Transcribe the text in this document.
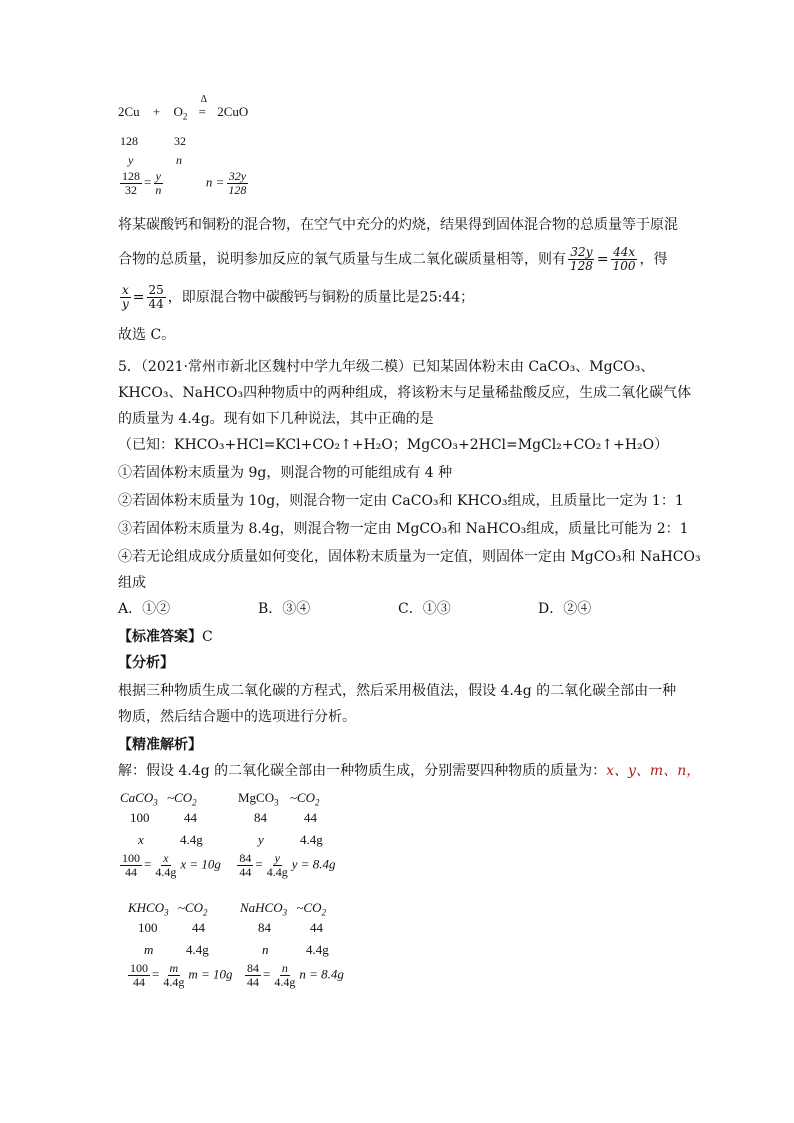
$2Cu + O_2$
Δ
= 2CuO
128	32
y	n
$\frac{128}{32} = \frac{y}{n}$	$n = \frac{32y}{128}$
将某碳酸钙和铜粉的混合物，在空气中充分的灼烧，结果得到固体混合物的总质量等于原混
合物的总质量，说明参加反应的氧气质量与生成二氧化碳质量相等，则有 $\frac{32y}{128} = \frac{44x}{100}$ ，得
$\frac{x}{y} = \frac{25}{44}$ ，即原混合物中碳酸钙与铜粉的质量比是25:44；
故选 C。
5．（2021·常州市新北区魏村中学九年级二模）已知某固体粉末由 CaCO₃、MgCO₃、
KHCO₃、NaHCO₃四种物质中的两种组成，将该粉末与足量稀盐酸反应，生成二氧化碳气体
的质量为 4.4g。现有如下几种说法，其中正确的是
（已知：KHCO₃+HCl=KCl+CO₂↑+H₂O；MgCO₃+2HCl=MgCl₂+CO₂↑+H₂O）
①若固体粉末质量为 9g，则混合物的可能组成有 4 种
②若固体粉末质量为 10g，则混合物一定由 CaCO₃和 KHCO₃组成，且质量比一定为 1：1
③若固体粉末质量为 8.4g，则混合物一定由 MgCO₃和 NaHCO₃组成，质量比可能为 2：1
④若无论组成成分质量如何变化，固体粉末质量为一定值，则固体一定由 MgCO₃和 NaHCO₃
组成
A．①②	B．③④	C．①③	D．②④
【标准答案】C
【分析】
根据三种物质生成二氧化碳的方程式，然后采用极值法，假设 4.4g 的二氧化碳全部由一种
物质，然后结合题中的选项进行分析。
【精准解析】
解：假设 4.4g 的二氧化碳全部由一种物质生成，分别需要四种物质的质量为：x、y、m、n，
CaCO$_3$ $\sim CO_2$	MgCO$_3$ $\sim CO_2$
100	44	84	44
x	4.4g	y	4.4g
$\frac{100}{44} = \frac{x}{4.4g}$ $x = 10g \frac{84}{44} = \frac{y}{4.4g}$ y = 8.4g
$KHCO_3$ $\sim CO_2$	NaHCO$_3$ $\sim CO_2$
100	44	84	44
m	4.4g	n	4.4g
$\frac{100}{44} = \frac{m}{4.4g}$ $m = 10g \frac{84}{44} = \frac{n}{4.4g}$ n = 8.4g
